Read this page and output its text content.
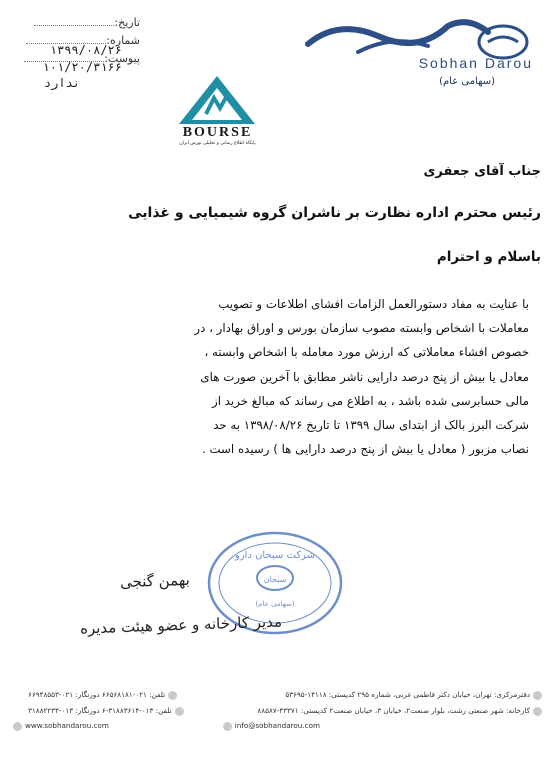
تاریخ:
شماره:
۱۳۹۹/۰۸/۲۶
پیوست:
۱۰۱/۲۰/۳۱۶۶
ندارد
Sobhan Darou
(سهامی عام)
BOURSE
پایگاه اطلاع رسانی و تحلیلی بورس ایران
جناب آقای جعفری
رئیس محترم اداره نظارت بر ناشران گروه شیمیایی و غذایی
باسلام و احترام
با عنایت به مفاد دستورالعمل الزامات افشای اطلاعات و تصویب
معاملات با اشخاص وابسته مصوب سازمان بورس و اوراق بهادار ، در
خصوص افشاء معاملاتی که ارزش مورد معامله با اشخاص وابسته ،
معادل یا بیش از پنج درصد دارایی ناشر مطابق با آخرین صورت های
مالی حسابرسی شده باشد ، به اطلاع می رساند که مبالغ خرید از
شرکت البرز بالک از ابتدای سال ۱۳۹۹ تا تاریخ ۱۳۹۸/۰۸/۲۶ به حد
نصاب مزبور ( معادل یا بیش از پنج درصد دارایی ها ) رسیده است .
شرکت سبحان دارو
سبحان
(سهامی عام)
بهمن گنجی
مدیر کارخانه و عضو هیئت مدیره
دفترمرکزی: تهران، خیابان دکتر فاطمی غربی، شماره ۲۹۵ کدپستی: ۱۴۱۱۸-۵۳۶۹۵
تلفن: ۰۲۱-۶۶۵۶۸۱۸۱ دورنگار: ۰۲۱-۶۶۹۴۸۵۵۳
کارخانه: شهر صنعتی رشت، بلوار صنعت۲، خیابان ۳، خیابان صنعت۲ کدپستی: ۴۳۳۷۱-۸۸۵۸۷
تلفن: ۰۱۳-۳۱۸۸۳۶۱۴-۶ دورنگار: ۰۱۳-۳۱۸۸۲۲۳۴
www.sobhandarou.com	info@sobhandarou.com
